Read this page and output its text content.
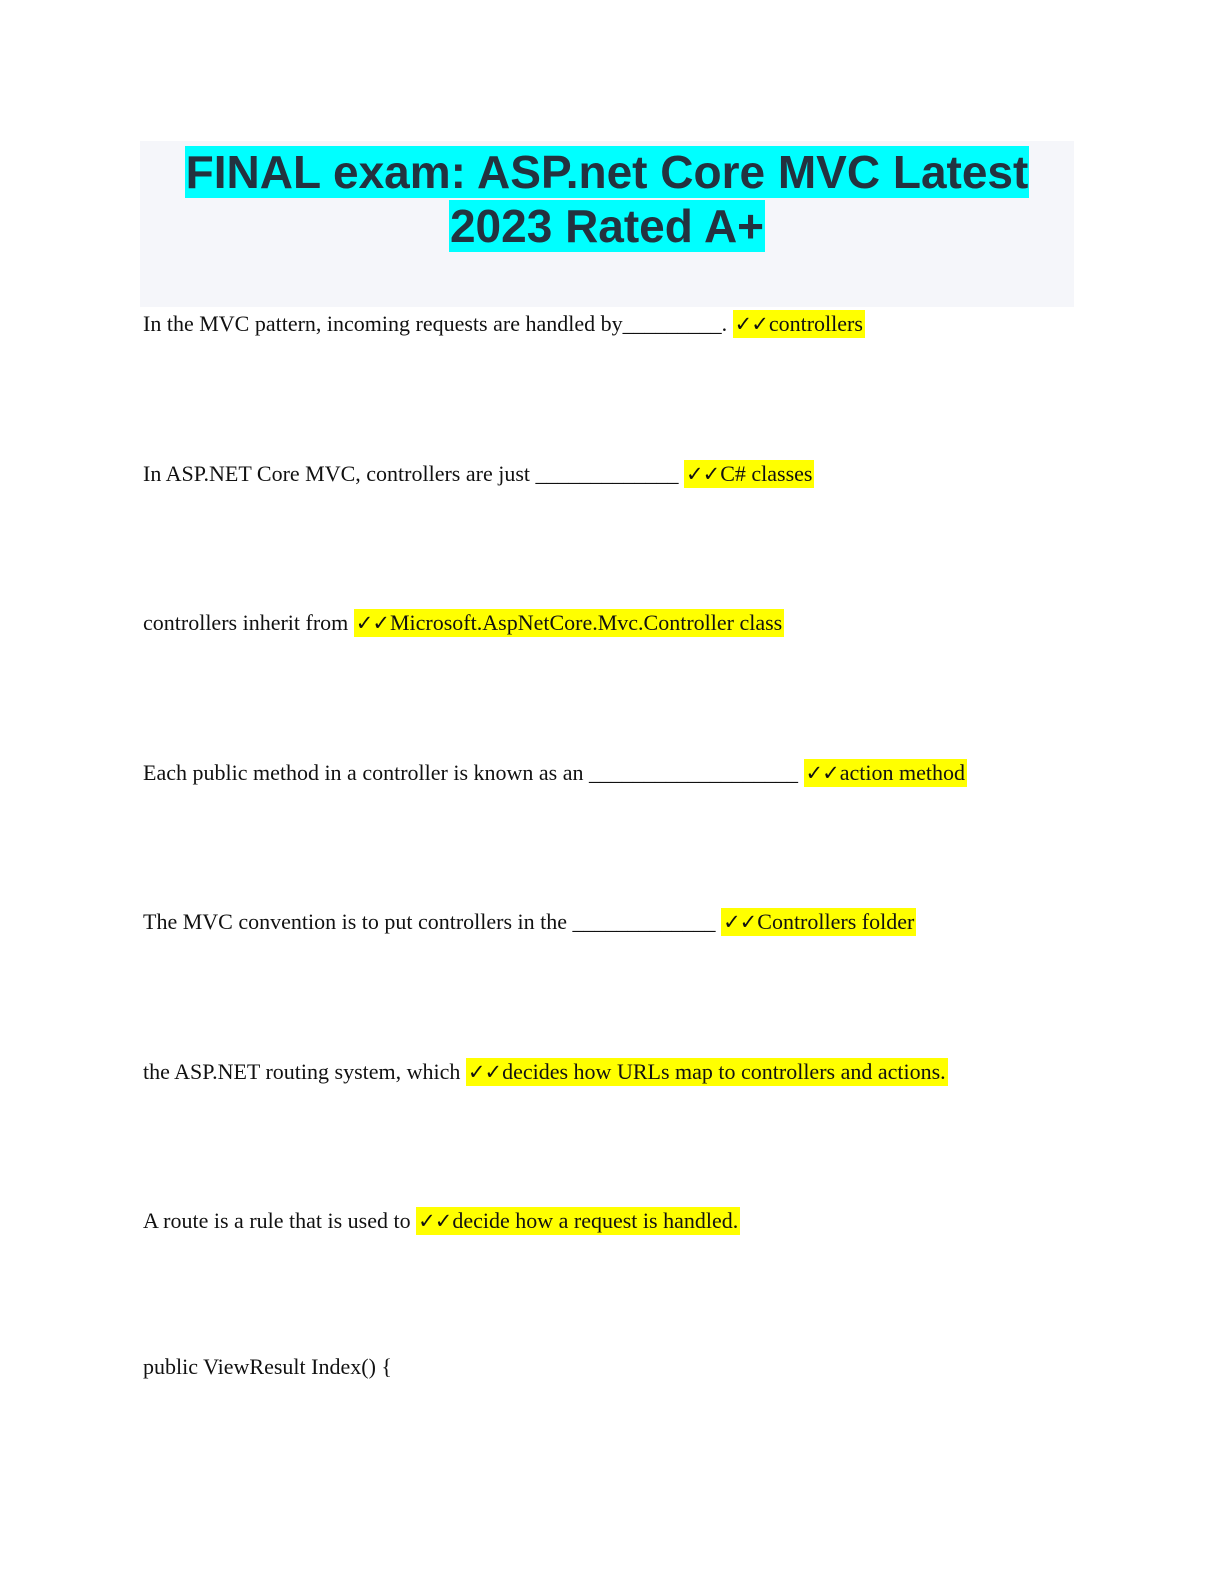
FINAL exam: ASP.net Core MVC Latest
2023 Rated A+
In the MVC pattern, incoming requests are handled by_________. ✓✓controllers
In ASP.NET Core MVC, controllers are just _____________ ✓✓C# classes
controllers inherit from ✓✓Microsoft.AspNetCore.Mvc.Controller class
Each public method in a controller is known as an ___________________ ✓✓action method
The MVC convention is to put controllers in the _____________ ✓✓Controllers folder
the ASP.NET routing system, which ✓✓decides how URLs map to controllers and actions.
A route is a rule that is used to ✓✓decide how a request is handled.
public ViewResult Index() {
